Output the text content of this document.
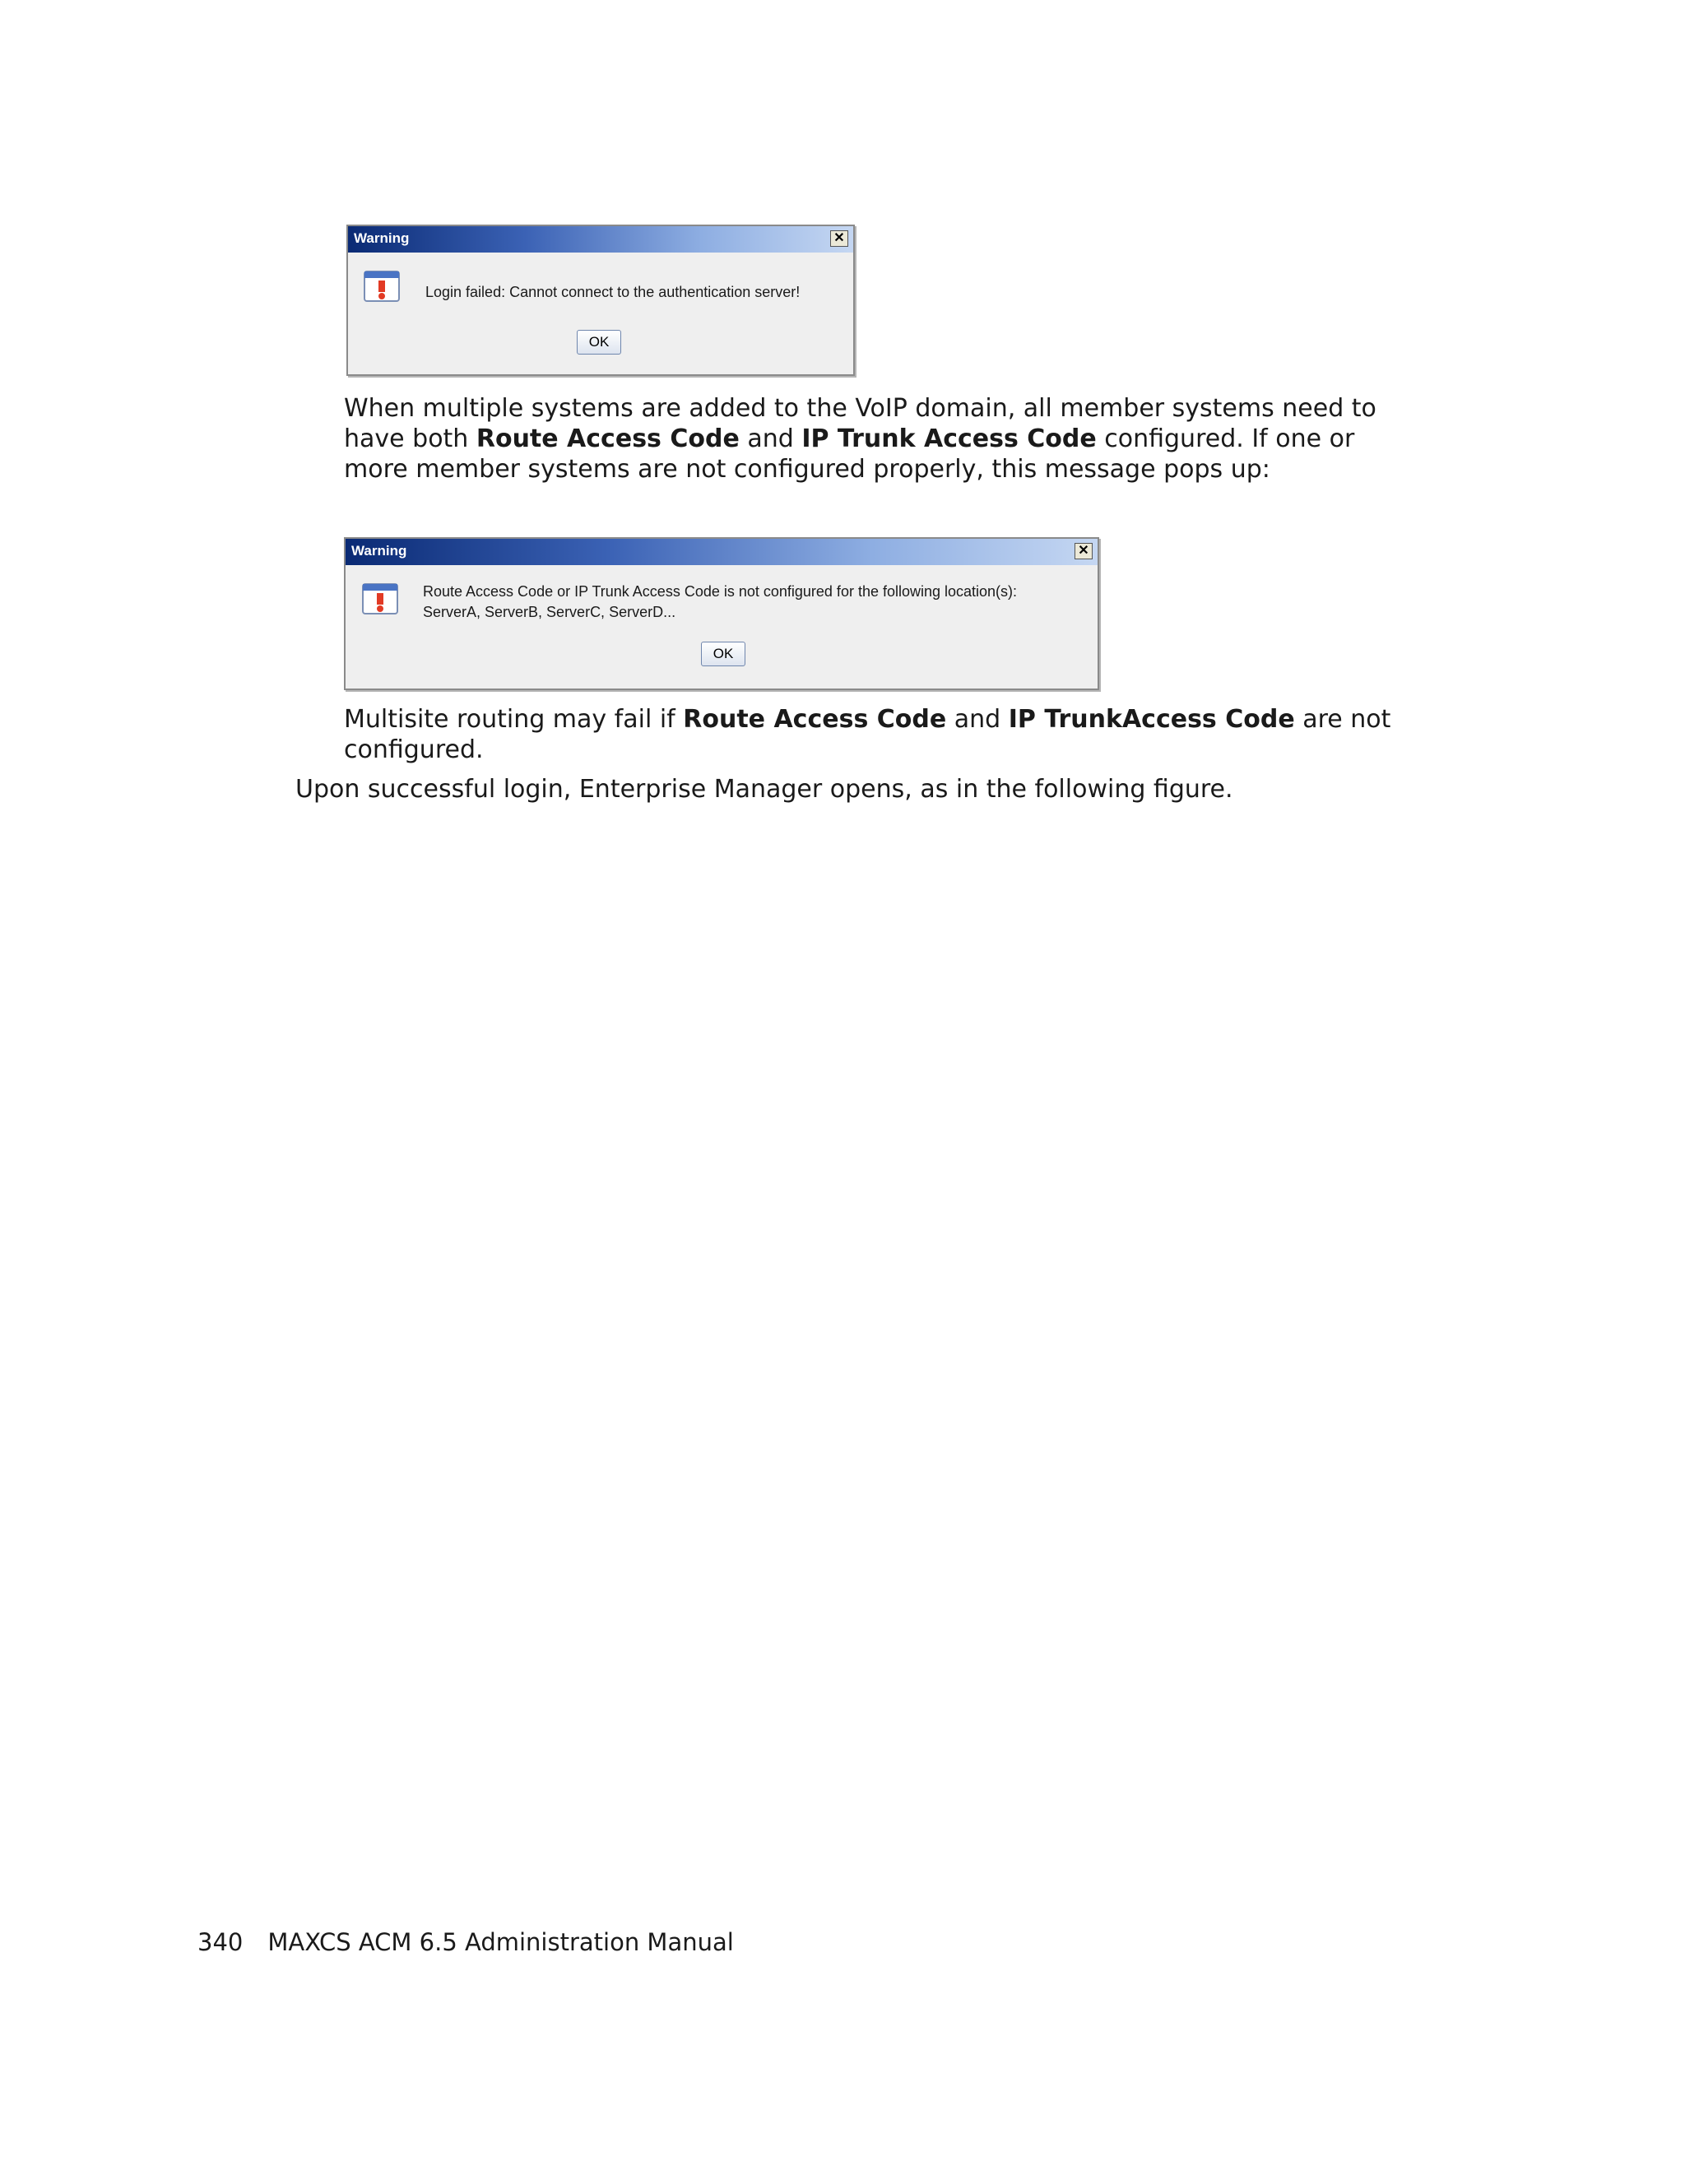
Warning	✕
Login failed: Cannot connect to the authentication server!
OK
When multiple systems are added to the VoIP domain, all member systems need to
have both Route Access Code and IP Trunk Access Code configured. If one or
more member systems are not configured properly, this message pops up:
Warning	✕
Route Access Code or IP Trunk Access Code is not configured for the following location(s):
ServerA, ServerB, ServerC, ServerD...
OK
Multisite routing may fail if Route Access Code and IP TrunkAccess Code are not
configured.
Upon successful login, Enterprise Manager opens, as in the following figure.
340 MAXCS ACM 6.5 Administration Manual
